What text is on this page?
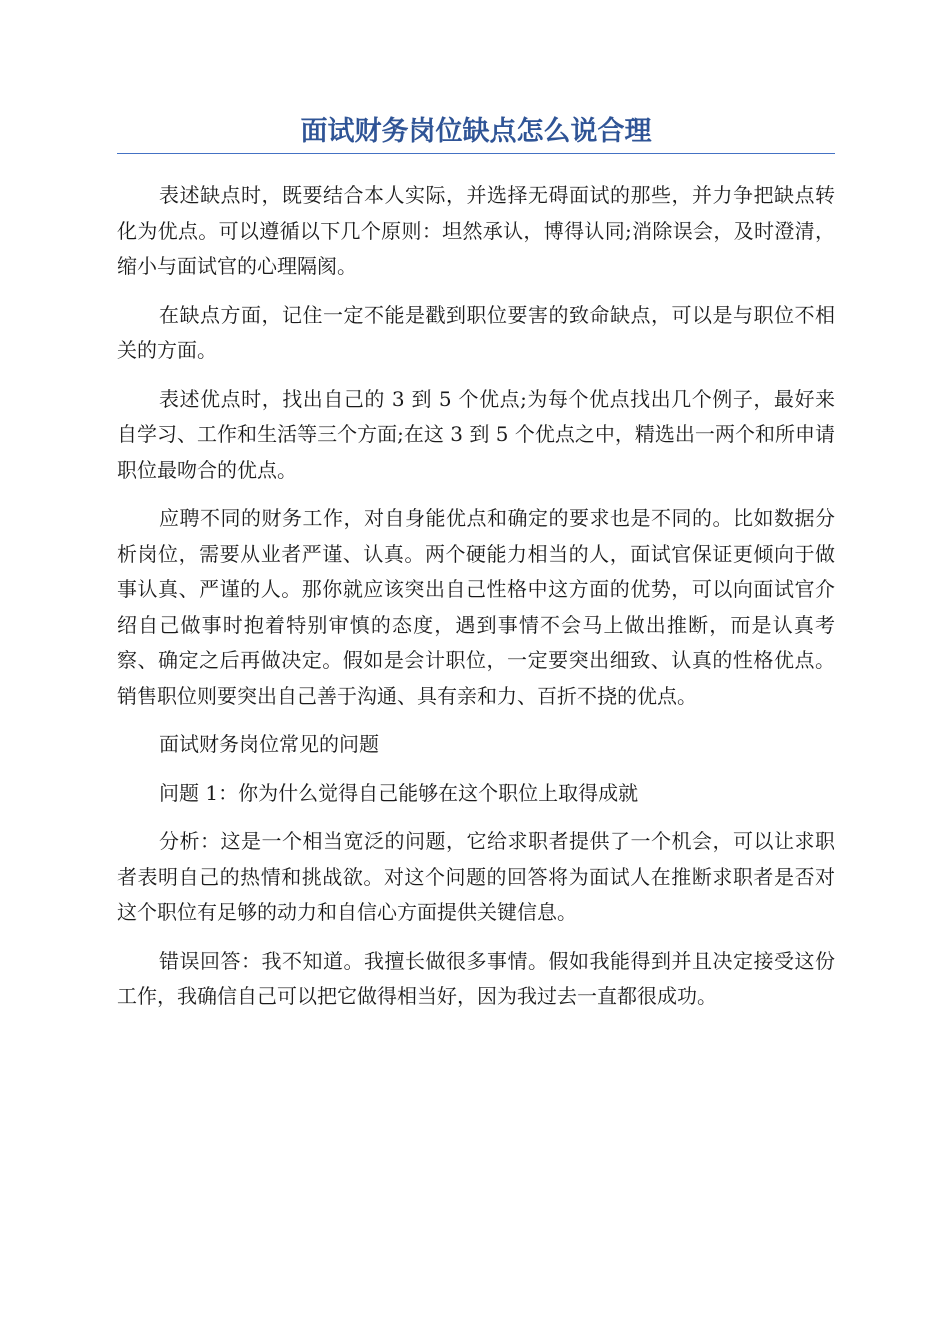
面试财务岗位缺点怎么说合理

表述缺点时，既要结合本人实际，并选择无碍面试的那些，并力争把缺点转化为优点。可以遵循以下几个原则：坦然承认，博得认同;消除误会，及时澄清，缩小与面试官的心理隔阂。

在缺点方面，记住一定不能是戳到职位要害的致命缺点，可以是与职位不相关的方面。

表述优点时，找出自己的 3 到 5 个优点;为每个优点找出几个例子，最好来自学习、工作和生活等三个方面;在这 3 到 5 个优点之中，精选出一两个和所申请职位最吻合的优点。

应聘不同的财务工作，对自身能优点和确定的要求也是不同的。比如数据分析岗位，需要从业者严谨、认真。两个硬能力相当的人，面试官保证更倾向于做事认真、严谨的人。那你就应该突出自己性格中这方面的优势，可以向面试官介绍自己做事时抱着特别审慎的态度，遇到事情不会马上做出推断，而是认真考察、确定之后再做决定。假如是会计职位，一定要突出细致、认真的性格优点。销售职位则要突出自己善于沟通、具有亲和力、百折不挠的优点。

面试财务岗位常见的问题

问题 1：你为什么觉得自己能够在这个职位上取得成就

分析：这是一个相当宽泛的问题，它给求职者提供了一个机会，可以让求职者表明自己的热情和挑战欲。对这个问题的回答将为面试人在推断求职者是否对这个职位有足够的动力和自信心方面提供关键信息。

错误回答：我不知道。我擅长做很多事情。假如我能得到并且决定接受这份工作，我确信自己可以把它做得相当好，因为我过去一直都很成功。
